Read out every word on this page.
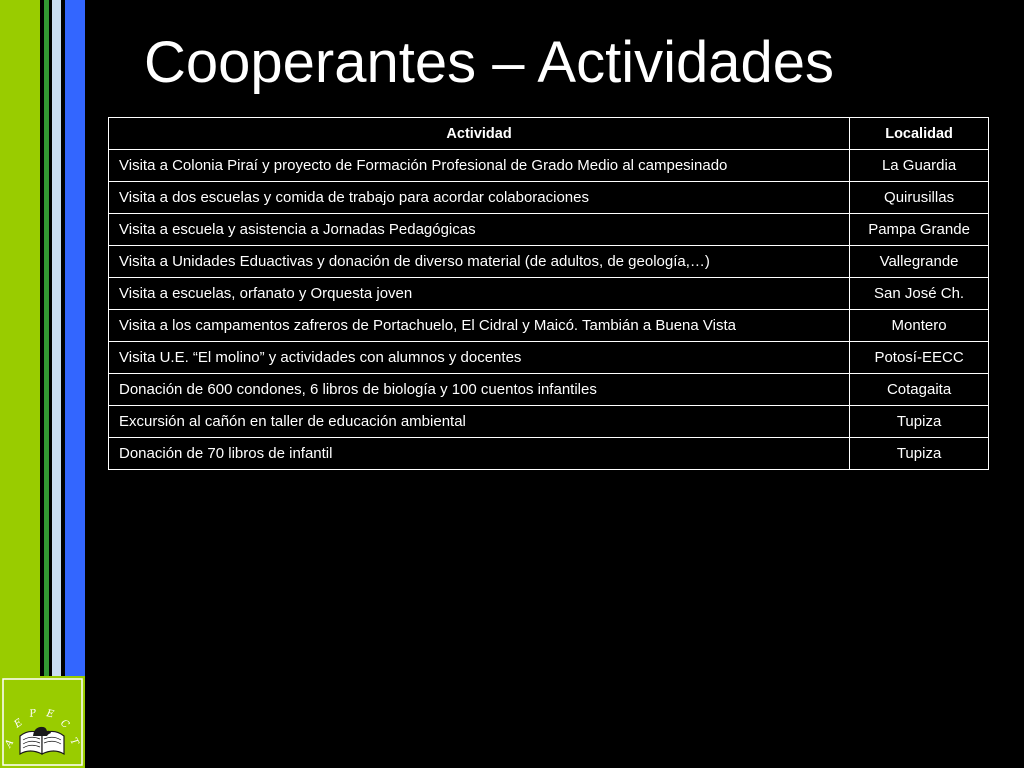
A
E
P E
C
T
Cooperantes – Actividades
Actividad	Localidad
Visita a Colonia Piraí y proyecto de Formación Profesional de Grado Medio al campesinado	La Guardia
Visita a dos escuelas y comida de trabajo para acordar colaboraciones	Quirusillas
Visita a escuela y asistencia a Jornadas Pedagógicas	Pampa Grande
Visita a Unidades Eduactivas y donación de diverso material (de adultos, de geología,…)	Vallegrande
Visita a escuelas, orfanato y Orquesta joven	San José Ch.
Visita a los campamentos zafreros de Portachuelo, El Cidral y Maicó. Tambián a Buena Vista	Montero
Visita U.E. “El molino” y actividades con alumnos y docentes	Potosí-EECC
Donación de 600 condones, 6 libros de biología y 100 cuentos infantiles	Cotagaita
Excursión al cañón en taller de educación ambiental	Tupiza
Donación de 70 libros de infantil	Tupiza
